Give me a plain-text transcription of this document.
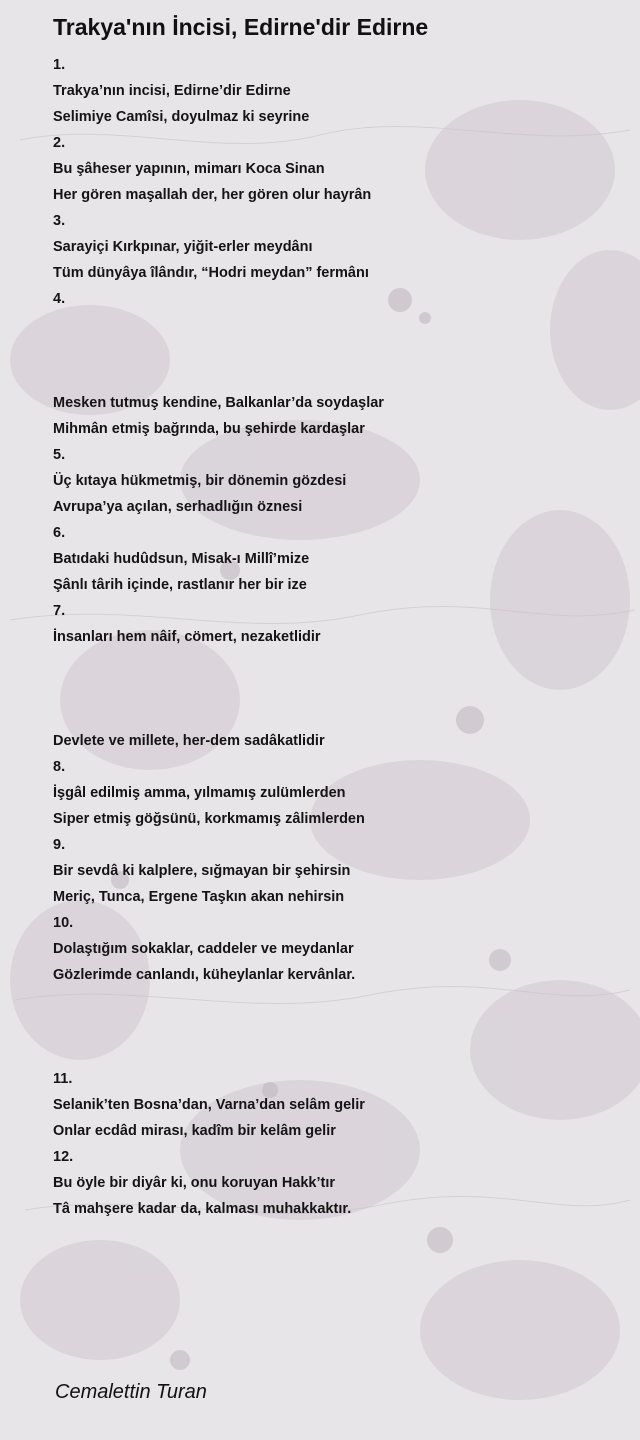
Trakya'nın İncisi, Edirne'dir Edirne
1.
Trakya’nın incisi, Edirne’dir Edirne
Selimiye Camîsi, doyulmaz ki seyrine
2.
Bu şâheser yapının, mimarı Koca Sinan
Her gören maşallah der, her gören olur hayrân
3.
Sarayiçi Kırkpınar, yiğit-erler meydânı
Tüm dünyâya îlândır, “Hodri meydan” fermânı
4.
Mesken tutmuş kendine, Balkanlar’da soydaşlar
Mihmân etmiş bağrında, bu şehirde kardaşlar
5.
Üç kıtaya hükmetmiş, bir dönemin gözdesi
Avrupa’ya açılan, serhadlığın öznesi
6.
Batıdaki hudûdsun, Misak-ı Millî’mize
Şânlı târih içinde, rastlanır her bir ize
7.
İnsanları hem nâif, cömert, nezaketlidir
Devlete ve millete, her-dem sadâkatlidir
8.
İşgâl edilmiş amma, yılmamış zulümlerden
Siper etmiş göğsünü, korkmamış zâlimlerden
9.
Bir sevdâ ki kalplere, sığmayan bir şehirsin
Meriç, Tunca, Ergene Taşkın akan nehirsin
10.
Dolaştığım sokaklar, caddeler ve meydanlar
Gözlerimde canlandı, küheylanlar kervânlar.
11.
Selanik’ten Bosna’dan, Varna’dan selâm gelir
Onlar ecdâd mirası, kadîm bir kelâm gelir
12.
Bu öyle bir diyâr ki, onu koruyan Hakk’tır
Tâ mahşere kadar da, kalması muhakkaktır.
Cemalettin Turan
